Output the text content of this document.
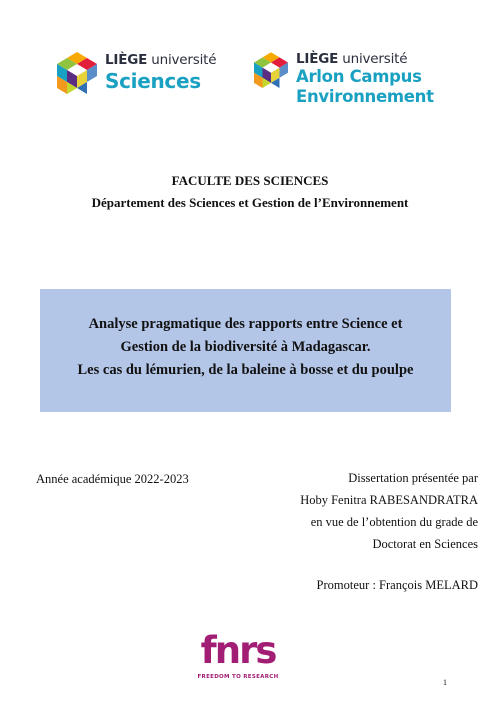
LIÈGE université
Sciences
LIÈGE université
Arlon Campus
Environnement
FACULTE DES SCIENCES
Département des Sciences et Gestion de l’Environnement
Analyse pragmatique des rapports entre Science et
Gestion de la biodiversité à Madagascar.
Les cas du lémurien, de la baleine à bosse et du poulpe
Année académique 2022-2023	Dissertation présentée par
Hoby Fenitra RABESANDRATRA
en vue de l’obtention du grade de
Doctorat en Sciences
Promoteur : François MELARD
fnrs
FREEDOM TO RESEARCH
1
